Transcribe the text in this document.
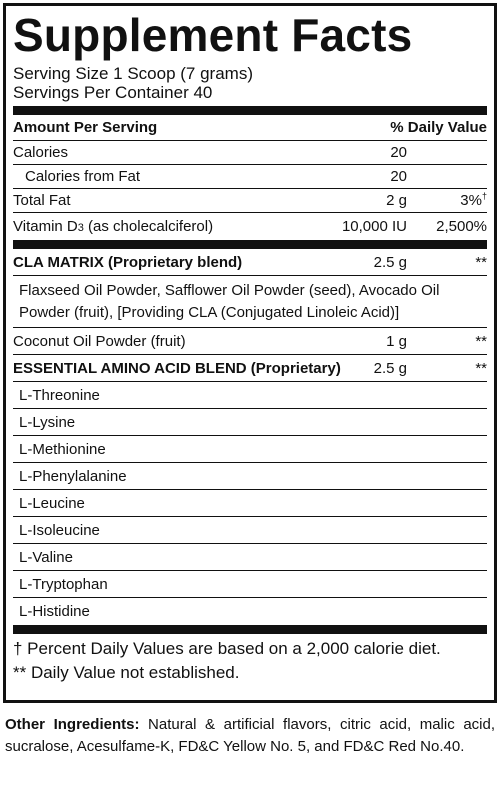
Supplement Facts
Serving Size 1 Scoop (7 grams)
Servings Per Container 40
Amount Per Serving	% Daily Value
Calories	20
Calories from Fat	20
Total Fat	2 g	3%†
Vitamin D3 (as cholecalciferol)	10,000 IU 2,500%
CLA MATRIX (Proprietary blend)	2.5 g	**
Flaxseed Oil Powder, Safflower Oil Powder (seed), Avocado Oil Powder (fruit), [Providing CLA (Conjugated Linoleic Acid)]
Coconut Oil Powder (fruit)	1 g	**
ESSENTIAL AMINO ACID BLEND (Proprietary) 2.5 g	**
L-Threonine
L-Lysine
L-Methionine
L-Phenylalanine
L-Leucine
L-Isoleucine
L-Valine
L-Tryptophan
L-Histidine
† Percent Daily Values are based on a 2,000 calorie diet.
** Daily Value not established.
Other Ingredients: Natural & artificial flavors, citric acid, malic acid, sucralose, Acesulfame-K, FD&C Yellow No. 5, and FD&C Red No.40.
